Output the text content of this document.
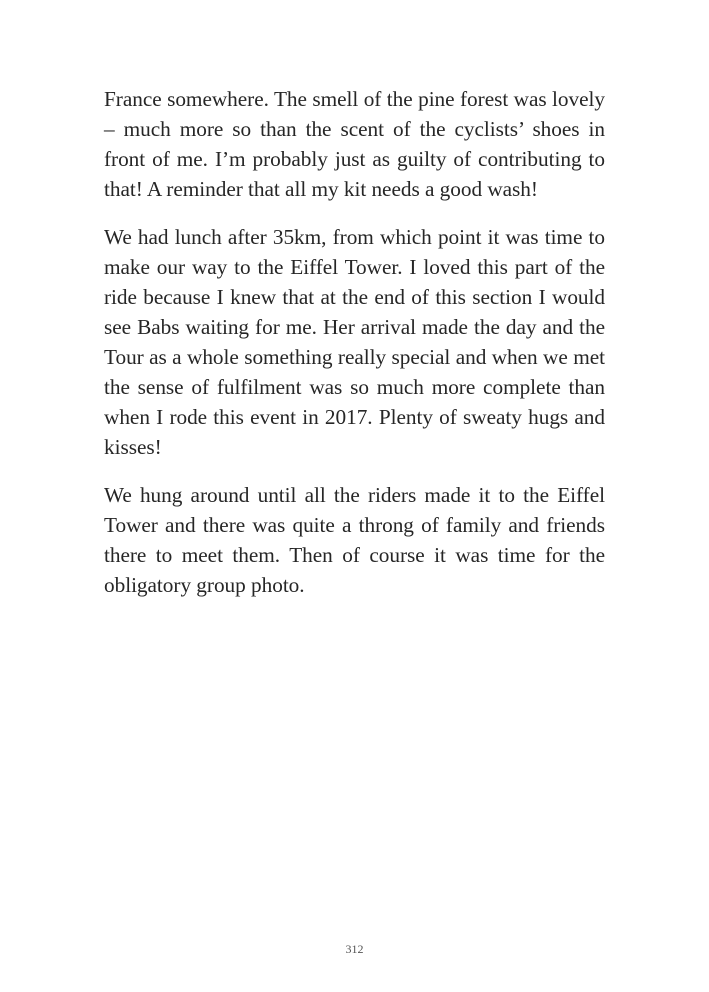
France somewhere. The smell of the pine forest was lovely – much more so than the scent of the cyclists’ shoes in front of me. I’m probably just as guilty of contributing to that! A reminder that all my kit needs a good wash!

We had lunch after 35km, from which point it was time to make our way to the Eiffel Tower. I loved this part of the ride because I knew that at the end of this section I would see Babs waiting for me. Her arrival made the day and the Tour as a whole something really special and when we met the sense of fulfilment was so much more complete than when I rode this event in 2017. Plenty of sweaty hugs and kisses!

We hung around until all the riders made it to the Eiffel Tower and there was quite a throng of family and friends there to meet them. Then of course it was time for the obligatory group photo.

312
